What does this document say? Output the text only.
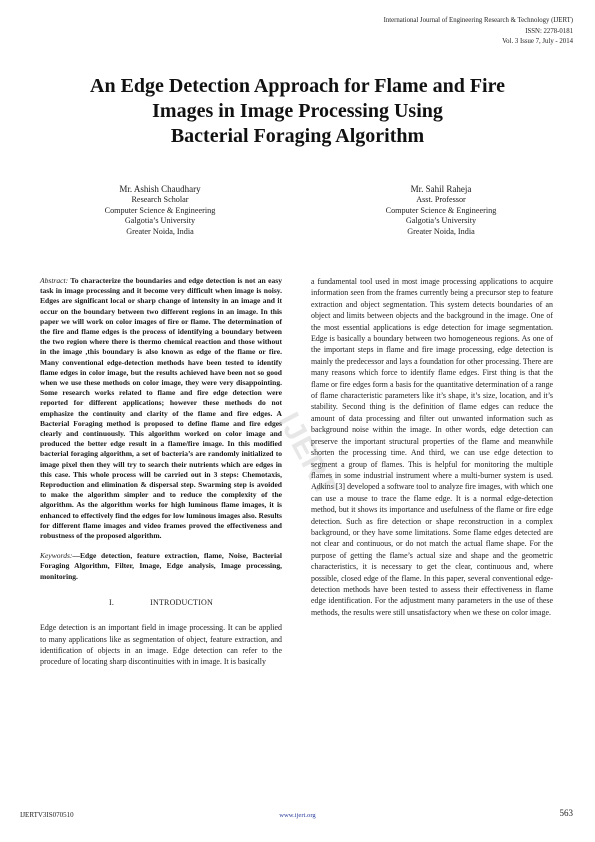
International Journal of Engineering Research & Technology (IJERT)
ISSN: 2278-0181
Vol. 3 Issue 7, July - 2014
An Edge Detection Approach for Flame and Fire
Images in Image Processing Using
Bacterial Foraging Algorithm
Mr. Ashish Chaudhary
Research Scholar
Computer Science & Engineering
Galgotia’s University
Greater Noida, India
Mr. Sahil Raheja
Asst. Professor
Computer Science & Engineering
Galgotia’s University
Greater Noida, India

Abstract: To characterize the boundaries and edge detection is not an easy task in image processing and it become very difficult when image is noisy. Edges are significant local or sharp change of intensity in an image and it occur on the boundary between two different regions in an image. In this paper we will work on color images of fire or flame. The determination of the fire and flame edges is the process of identifying a boundary between the two region where there is thermo chemical reaction and those without in the image ,this boundary is also known as edge of the flame or fire. Many conventional edge-detection methods have been tested to identify flame edges in color image, but the results achieved have been not so good when we use these methods on color image, they were very disappointing. Some research works related to flame and fire edge detection were reported for different applications; however these methods do not emphasize the continuity and clarity of the flame and fire edges. A Bacterial Foraging method is proposed to define flame and fire edges clearly and continuously. This algorithm worked on color image and produced the better edge result in a flame/fire image. In this modified bacterial foraging algorithm, a set of bacteria’s are randomly initialized to image pixel then they will try to search their nutrients which are edges in this case. This whole process will be carried out in 3 steps: Chemotaxis, Reproduction and elimination & dispersal step. Swarming step is avoided to make the algorithm simpler and to reduce the complexity of the algorithm. As the algorithm works for high luminous flame images, it is enhanced to effectively find the edges for low luminous images also. Results for different flame images and video frames proved the effectiveness and robustness of the proposed algorithm.

Keywords:—Edge detection, feature extraction, flame, Noise, Bacterial Foraging Algorithm, Filter, Image, Edge analysis, Image processing, monitoring.

I.	INTRODUCTION

Edge detection is an important field in image processing. It can be applied to many applications like as segmentation of object, feature extraction, and identification of objects in an image. Edge detection can refer to the procedure of locating sharp discontinuities with in image. It is basically

a fundamental tool used in most image processing applications to acquire information seen from the frames currently being a precursor step to feature extraction and object segmentation. This system detects boundaries of an object and limits between objects and the background in the image. One of the most essential applications is edge detection for image segmentation. Edge is basically a boundary between two homogeneous regions. As one of the important steps in flame and fire image processing, edge detection is mainly the predecessor and lays a foundation for other processing. There are many reasons which force to identify flame edges. First thing is that the flame or fire edges form a basis for the quantitative determination of a range of flame characteristic parameters like it’s shape, it’s size, location, and it’s stability. Second thing is the definition of flame edges can reduce the amount of data processing and filter out unwanted information such as background noise within the image. In other words, edge detection can preserve the important structural properties of the flame and meanwhile shorten the processing time. And third, we can use edge detection to segment a group of flames. This is helpful for monitoring the multiple flames in some industrial instrument where a multi-burner system is used. Adkins [3] developed a software tool to analyze fire images, with which one can use a mouse to trace the flame edge. It is a normal edge-detection method, but it shows its importance and usefulness of the flame or fire edge detection. Such as fire detection or shape reconstruction in a complex background, or they have some limitations. Some flame edges detected are not clear and continuous, or do not match the actual flame shape. For the purpose of getting the flame’s actual size and shape and the geometric characteristics, it is necessary to get the clear, continuous and, where possible, closed edge of the flame. In this paper, several conventional edge-detection methods have been tested to assess their effectiveness in flame edge identification. For the adjustment many parameters in the use of these methods, the results were still unsatisfactory when we these on color image.

IJERT
IJERTV3IS070510	www.ijert.org	563
